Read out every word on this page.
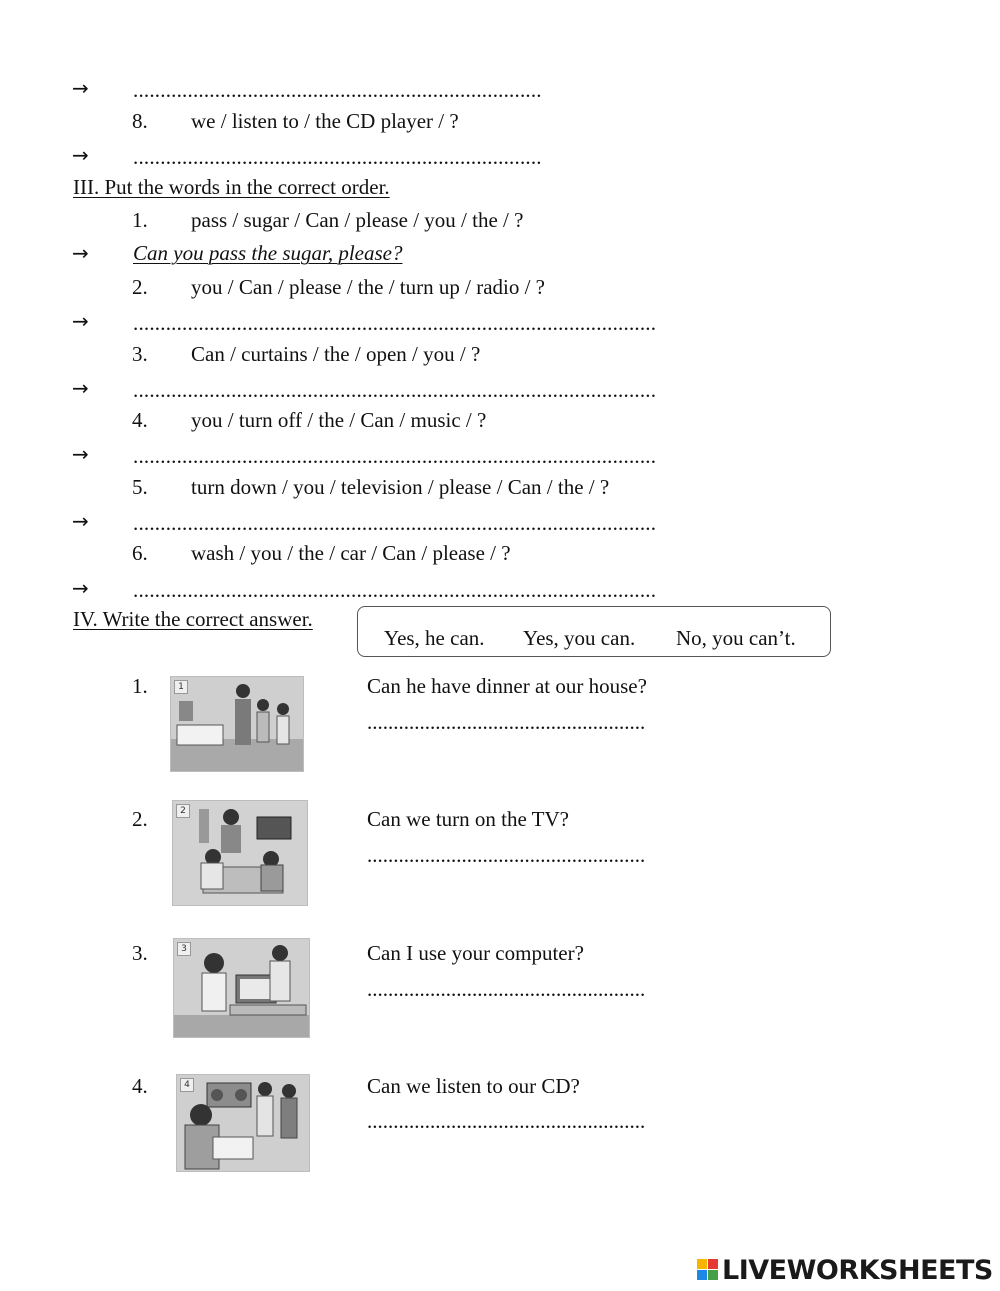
→ ...........................................................................
8. we / listen to / the CD player / ?
→ ...........................................................................
III. Put the words in the correct order.
1. pass / sugar / Can / please / you / the / ?
→ Can you pass the sugar, please?
2. you / Can / please / the / turn up / radio / ?
→ ................................................................................................
3. Can / curtains / the / open / you / ?
→ ................................................................................................
4. you / turn off / the / Can / music / ?
→ ................................................................................................
5. turn down / you / television / please / Can / the / ?
→ ................................................................................................
6. wash / you / the / car / Can / please / ?
→ ................................................................................................
IV. Write the correct answer.
Yes, he can. Yes, you can. No, you can’t.
1.	1	Can he have dinner at our house?
.....................................................
2.	2	Can we turn on the TV?
.....................................................
3.	3	Can I use your computer?
.....................................................
4.	4	Can we listen to our CD?
.....................................................
LIVEWORKSHEETS
